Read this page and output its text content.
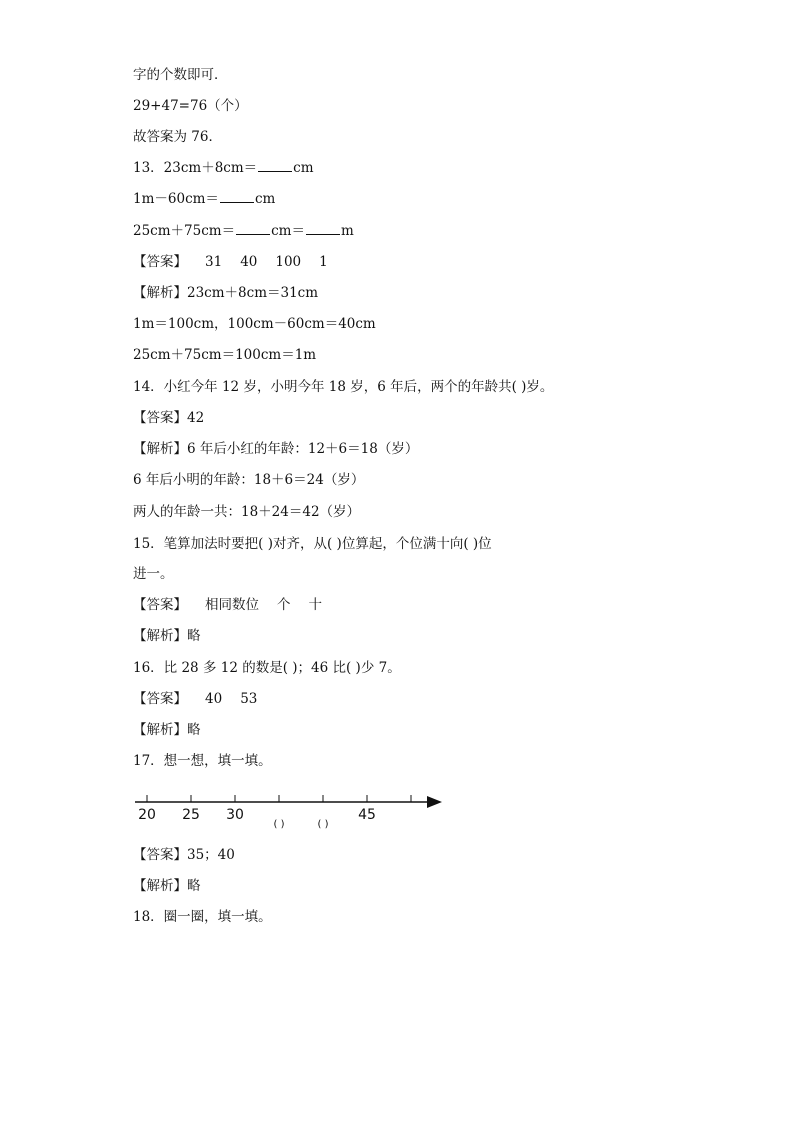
字的个数即可．
29+47=76（个）
故答案为 76．
13．23cm＋8cm＝	cm
1m－60cm＝	cm
25cm＋75cm＝	cm＝	m
【答案】 31 40 100 1
【解析】23cm＋8cm＝31cm
1m＝100cm，100cm－60cm＝40cm
25cm＋75cm＝100cm＝1m
14．小红今年 12 岁，小明今年 18 岁，6 年后，两个的年龄共( )岁。
【答案】42
【解析】6 年后小红的年龄：12＋6＝18（岁）
6 年后小明的年龄：18＋6＝24（岁）
两人的年龄一共：18＋24＝42（岁）
15．笔算加法时要把( )对齐，从( )位算起，个位满十向( )位
进一。
【答案】 相同数位 个 十
【解析】略
16．比 28 多 12 的数是( )；46 比( )少 7。
【答案】 40 53
【解析】略
17．想一想，填一填。
20 25 30	45
( )	( )
【答案】35；40
【解析】略
18．圈一圈，填一填。
